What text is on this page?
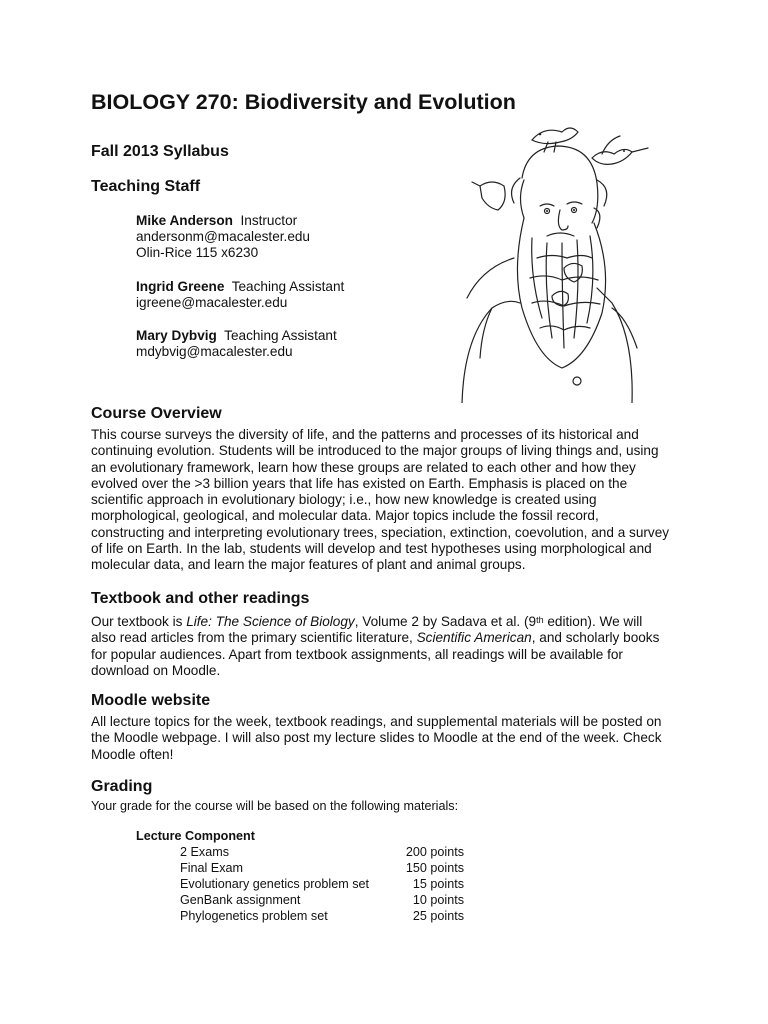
BIOLOGY 270: Biodiversity and Evolution
Fall 2013 Syllabus
Teaching Staff
Mike Anderson Instructor
andersonm@macalester.edu
Olin-Rice 115 x6230
Ingrid Greene Teaching Assistant
igreene@macalester.edu
Mary Dybvig Teaching Assistant
mdybvig@macalester.edu
Course Overview
This course surveys the diversity of life, and the patterns and processes of its historical and
continuing evolution. Students will be introduced to the major groups of living things and, using
an evolutionary framework, learn how these groups are related to each other and how they
evolved over the >3 billion years that life has existed on Earth. Emphasis is placed on the
scientific approach in evolutionary biology; i.e., how new knowledge is created using
morphological, geological, and molecular data. Major topics include the fossil record,
constructing and interpreting evolutionary trees, speciation, extinction, coevolution, and a survey
of life on Earth. In the lab, students will develop and test hypotheses using morphological and
molecular data, and learn the major features of plant and animal groups.
Textbook and other readings
Our textbook is Life: The Science of Biology, Volume 2 by Sadava et al. (9th edition). We will
also read articles from the primary scientific literature, Scientific American, and scholarly books
for popular audiences. Apart from textbook assignments, all readings will be available for
download on Moodle.
Moodle website
All lecture topics for the week, textbook readings, and supplemental materials will be posted on
the Moodle webpage. I will also post my lecture slides to Moodle at the end of the week. Check
Moodle often!
Grading
Your grade for the course will be based on the following materials:
Lecture Component
2 Exams	200 points
Final Exam	150 points
Evolutionary genetics problem set	15 points
GenBank assignment	10 points
Phylogenetics problem set	25 points
